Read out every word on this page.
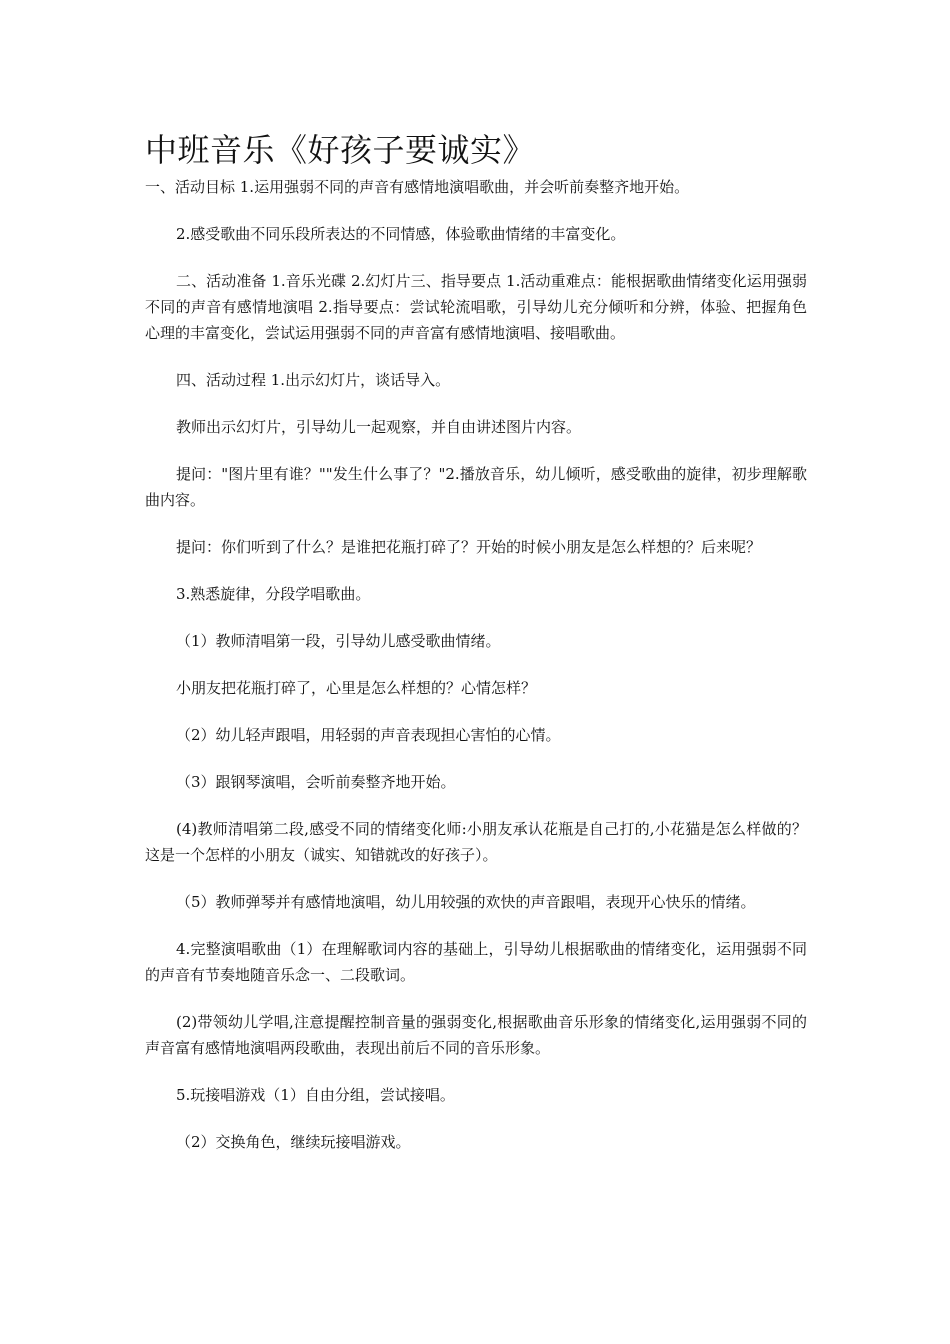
中班音乐《好孩子要诚实》

一、活动目标 1.运用强弱不同的声音有感情地演唱歌曲，并会听前奏整齐地开始。

2.感受歌曲不同乐段所表达的不同情感，体验歌曲情绪的丰富变化。

二、活动准备 1.音乐光碟 2.幻灯片三、指导要点 1.活动重难点：能根据歌曲情绪变化运用强弱不同的声音有感情地演唱 2.指导要点：尝试轮流唱歌，引导幼儿充分倾听和分辨，体验、把握角色心理的丰富变化，尝试运用强弱不同的声音富有感情地演唱、接唱歌曲。

四、活动过程 1.出示幻灯片，谈话导入。

教师出示幻灯片，引导幼儿一起观察，并自由讲述图片内容。

提问："图片里有谁？""发生什么事了？"2.播放音乐，幼儿倾听，感受歌曲的旋律，初步理解歌曲内容。

提问：你们听到了什么？是谁把花瓶打碎了？开始的时候小朋友是怎么样想的？后来呢？

3.熟悉旋律，分段学唱歌曲。

（1）教师清唱第一段，引导幼儿感受歌曲情绪。

小朋友把花瓶打碎了，心里是怎么样想的？心情怎样？

（2）幼儿轻声跟唱，用轻弱的声音表现担心害怕的心情。

（3）跟钢琴演唱，会听前奏整齐地开始。

(4)教师清唱第二段,感受不同的情绪变化师:小朋友承认花瓶是自己打的,小花猫是怎么样做的？这是一个怎样的小朋友（诚实、知错就改的好孩子）。

（5）教师弹琴并有感情地演唱，幼儿用较强的欢快的声音跟唱，表现开心快乐的情绪。

4.完整演唱歌曲（1）在理解歌词内容的基础上，引导幼儿根据歌曲的情绪变化，运用强弱不同的声音有节奏地随音乐念一、二段歌词。

(2)带领幼儿学唱,注意提醒控制音量的强弱变化,根据歌曲音乐形象的情绪变化,运用强弱不同的声音富有感情地演唱两段歌曲，表现出前后不同的音乐形象。

5.玩接唱游戏（1）自由分组，尝试接唱。

（2）交换角色，继续玩接唱游戏。
